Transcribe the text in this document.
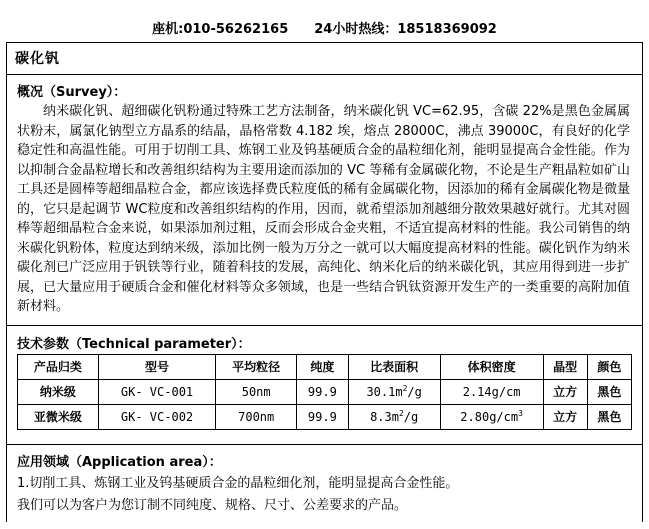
座机:010-56262165 24小时热线：18518369092
碳化钒
概况（Survey）：

纳米碳化钒、超细碳化钒粉通过特殊工艺方法制备，纳米碳化钒 VC=62.95，含碳 22%是黑色金属属状粉末，属氯化钠型立方晶系的结晶，晶格常数 4.182 埃，熔点 28000C，沸点 39000C，有良好的化学稳定性和高温性能。可用于切削工具、炼钢工业及钨基硬质合金的晶粒细化剂，能明显提高合金性能。作为以抑制合金晶粒增长和改善组织结构为主要用途而添加的 VC 等稀有金属碳化物，不论是生产粗晶粒如矿山工具还是圆棒等超细晶粒合金，都应该选择费氏粒度低的稀有金属碳化物，因添加的稀有金属碳化物是微量的，它只是起调节 WC粒度和改善组织结构的作用，因而，就希望添加剂越细分散效果越好就行。尤其对圆棒等超细晶粒合金来说，如果添加剂过粗，反而会形成合金夹粗，不适宜提高材料的性能。我公司销售的纳米碳化钒粉体，粒度达到纳米级，添加比例一般为万分之一就可以大幅度提高材料的性能。碳化钒作为纳米碳化剂已广泛应用于钒铁等行业，随着科技的发展，高纯化、纳米化后的纳米碳化钒，其应用得到进一步扩展，已大量应用于硬质合金和催化材料等众多领域，也是一些结合钒钛资源开发生产的一类重要的高附加值新材料。

技术参数（Technical parameter）：
产品归类	型号	平均粒径	纯度	比表面积	体积密度	晶型	颜色
纳米级	GK- VC-001	50nm	99.9	$30.1m^2/g$	2.14g/cm	立方	黑色
亚微米级	GK- VC-002	700nm	99.9	$8.3m^2/g$	$2.80g/cm^3$	立方	黑色
应用领域（Application area）：
1.切削工具、炼钢工业及钨基硬质合金的晶粒细化剂，能明显提高合金性能。
我们可以为客户为您订制不同纯度、规格、尺寸、公差要求的产品。
